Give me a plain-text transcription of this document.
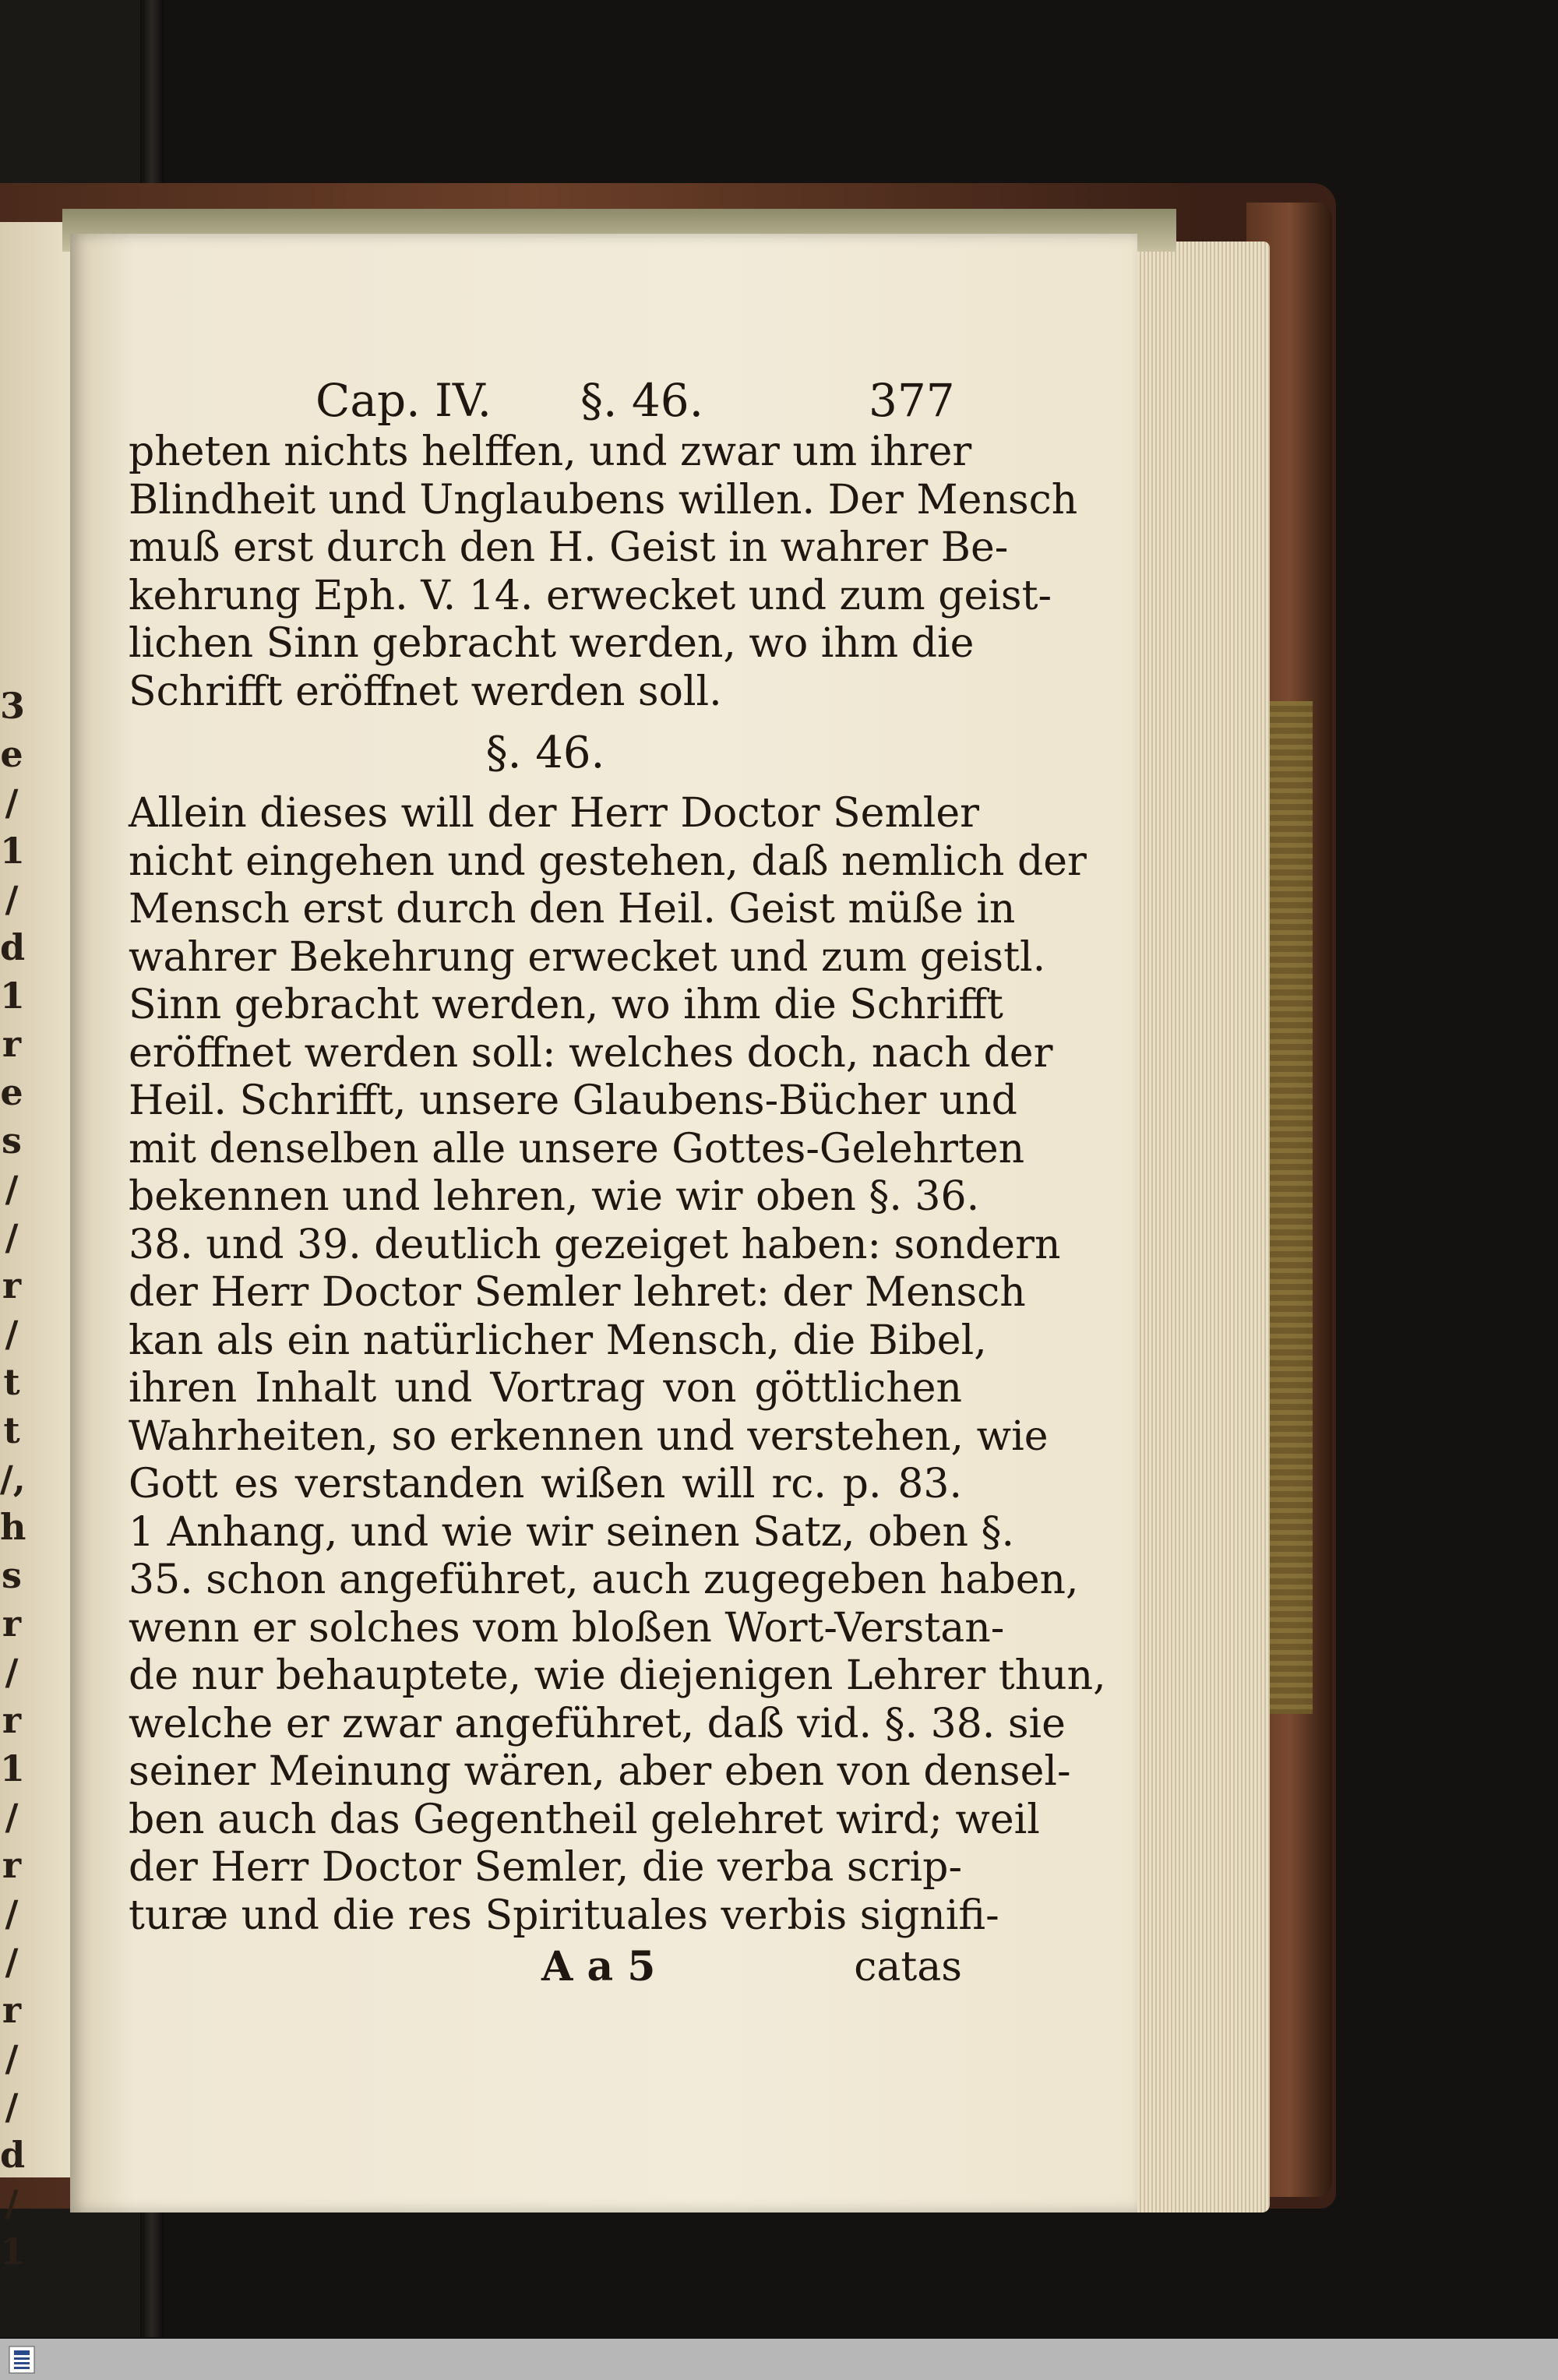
3
e
/
1
/
d
1
r
e
s
/
/
r
/
t
t
/,
h
s
r
/
r
1
/
r
/
/
r
/
/
d
/
1
Cap. IV. §. 46.	377
pheten nichts helffen, und zwar um ihrer
Blindheit und Unglaubens willen. Der Mensch
muß erst durch den H. Geist in wahrer Be-
kehrung Eph. V. 14. erwecket und zum geist-
lichen Sinn gebracht werden, wo ihm die
Schrifft eröffnet werden soll.
§. 46.
Allein dieses will der Herr Doctor Semler
nicht eingehen und gestehen, daß nemlich der
Mensch erst durch den Heil. Geist müße in
wahrer Bekehrung erwecket und zum geistl.
Sinn gebracht werden, wo ihm die Schrifft
eröffnet werden soll: welches doch, nach der
Heil. Schrifft, unsere Glaubens-Bücher und
mit denselben alle unsere Gottes-Gelehrten
bekennen und lehren, wie wir oben §. 36.
38. und 39. deutlich gezeiget haben: sondern
der Herr Doctor Semler lehret: der Mensch
kan als ein natürlicher Mensch, die Bibel,
ihren Inhalt und Vortrag von göttlichen
Wahrheiten, so erkennen und verstehen, wie
Gott es verstanden wißen will rc. p. 83.
1 Anhang, und wie wir seinen Satz, oben §.
35. schon angeführet, auch zugegeben haben,
wenn er solches vom bloßen Wort-Verstan-
de nur behauptete, wie diejenigen Lehrer thun,
welche er zwar angeführet, daß vid. §. 38. sie
seiner Meinung wären, aber eben von densel-
ben auch das Gegentheil gelehret wird; weil
der Herr Doctor Semler, die verba scrip-
turæ und die res Spirituales verbis signifi-
A a 5	catas
